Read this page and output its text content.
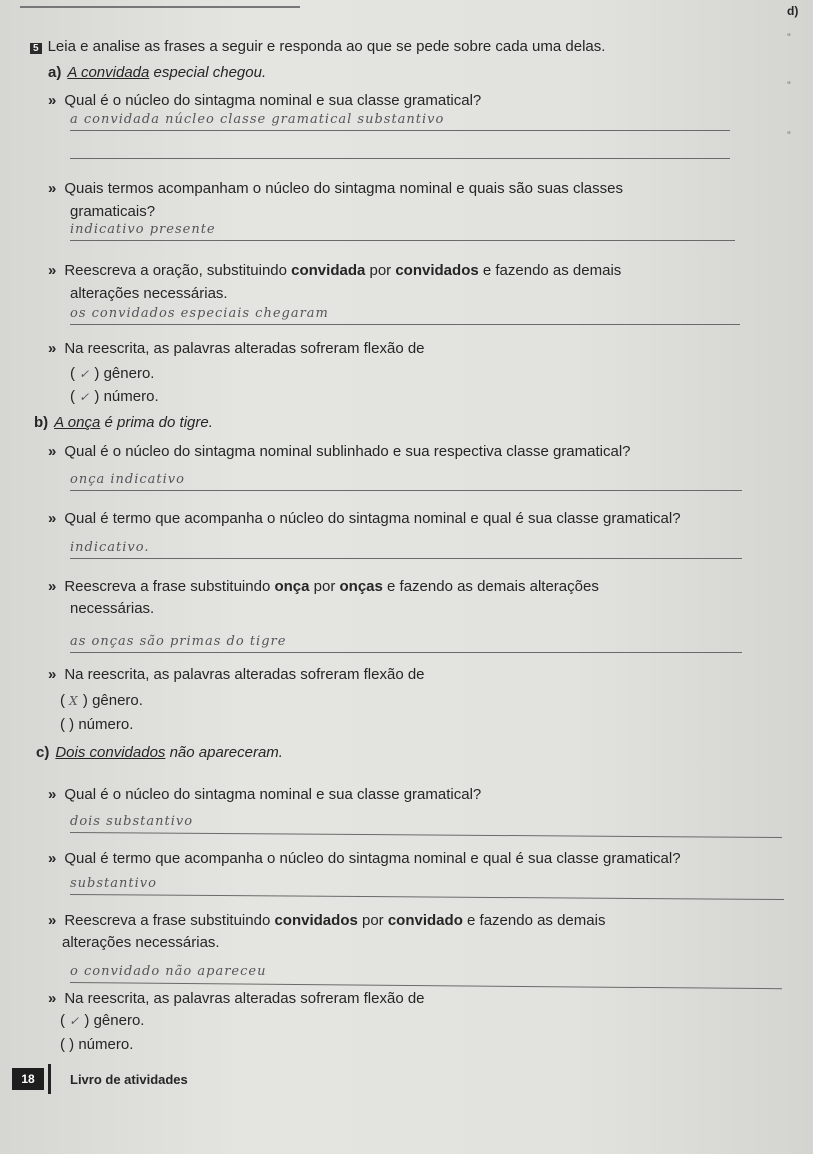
d)
”
”
”
5 Leia e analise as frases a seguir e responda ao que se pede sobre cada uma delas.
a) A convidada especial chegou.
» Qual é o núcleo do sintagma nominal e sua classe gramatical?
a convidada núcleo classe gramatical substantivo
» Quais termos acompanham o núcleo do sintagma nominal e quais são suas classes
gramaticais?
indicativo presente
» Reescreva a oração, substituindo convidada por convidados e fazendo as demais
alterações necessárias.
os convidados especiais chegaram
» Na reescrita, as palavras alteradas sofreram flexão de
( ✓ ) gênero.
( ✓ ) número.
b) A onça é prima do tigre.
» Qual é o núcleo do sintagma nominal sublinhado e sua respectiva classe gramatical?
onça indicativo
» Qual é termo que acompanha o núcleo do sintagma nominal e qual é sua classe gramatical?
indicativo.
» Reescreva a frase substituindo onça por onças e fazendo as demais alterações
necessárias.
as onças são primas do tigre
» Na reescrita, as palavras alteradas sofreram flexão de
( X ) gênero.
( ) número.
c) Dois convidados não apareceram.
» Qual é o núcleo do sintagma nominal e sua classe gramatical?
dois substantivo
» Qual é termo que acompanha o núcleo do sintagma nominal e qual é sua classe gramatical?
substantivo
» Reescreva a frase substituindo convidados por convidado e fazendo as demais
alterações necessárias.
o convidado não apareceu
» Na reescrita, as palavras alteradas sofreram flexão de
( ✓ ) gênero.
( ) número.
18	Livro de atividades
